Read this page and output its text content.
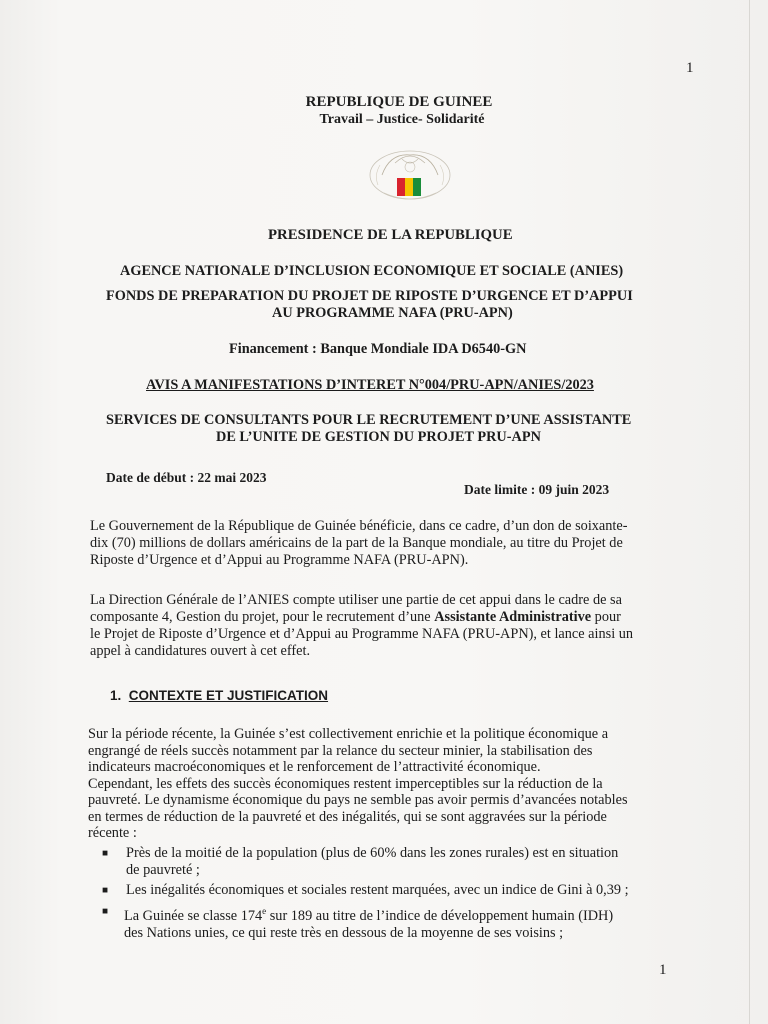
1
REPUBLIQUE DE GUINEE
Travail – Justice- Solidarité
PRESIDENCE DE LA REPUBLIQUE
AGENCE NATIONALE D’INCLUSION ECONOMIQUE ET SOCIALE (ANIES)
FONDS DE PREPARATION DU PROJET DE RIPOSTE D’URGENCE ET D’APPUI
AU PROGRAMME NAFA (PRU-APN)
Financement : Banque Mondiale IDA D6540-GN
AVIS A MANIFESTATIONS D’INTERET N°004/PRU-APN/ANIES/2023
SERVICES DE CONSULTANTS POUR LE RECRUTEMENT D’UNE ASSISTANTE
DE L’UNITE DE GESTION DU PROJET PRU-APN
Date de début : 22 mai 2023
Date limite : 09 juin 2023
Le Gouvernement de la République de Guinée bénéficie, dans ce cadre, d’un don de soixante-
dix (70) millions de dollars américains de la part de la Banque mondiale, au titre du Projet de
Riposte d’Urgence et d’Appui au Programme NAFA (PRU-APN).
La Direction Générale de l’ANIES compte utiliser une partie de cet appui dans le cadre de sa
composante 4, Gestion du projet, pour le recrutement d’une Assistante Administrative pour
le Projet de Riposte d’Urgence et d’Appui au Programme NAFA (PRU-APN), et lance ainsi un
appel à candidatures ouvert à cet effet.
1. CONTEXTE ET JUSTIFICATION
Sur la période récente, la Guinée s’est collectivement enrichie et la politique économique a
engrangé de réels succès notamment par la relance du secteur minier, la stabilisation des
indicateurs macroéconomiques et le renforcement de l’attractivité économique.
Cependant, les effets des succès économiques restent imperceptibles sur la réduction de la
pauvreté. Le dynamisme économique du pays ne semble pas avoir permis d’avancées notables
en termes de réduction de la pauvreté et des inégalités, qui se sont aggravées sur la période
récente :
■ Près de la moitié de la population (plus de 60% dans les zones rurales) est en situation
de pauvreté ;
■ Les inégalités économiques et sociales restent marquées, avec un indice de Gini à 0,39 ;
■ La Guinée se classe 174e sur 189 au titre de l’indice de développement humain (IDH)
des Nations unies, ce qui reste très en dessous de la moyenne de ses voisins ;
1
